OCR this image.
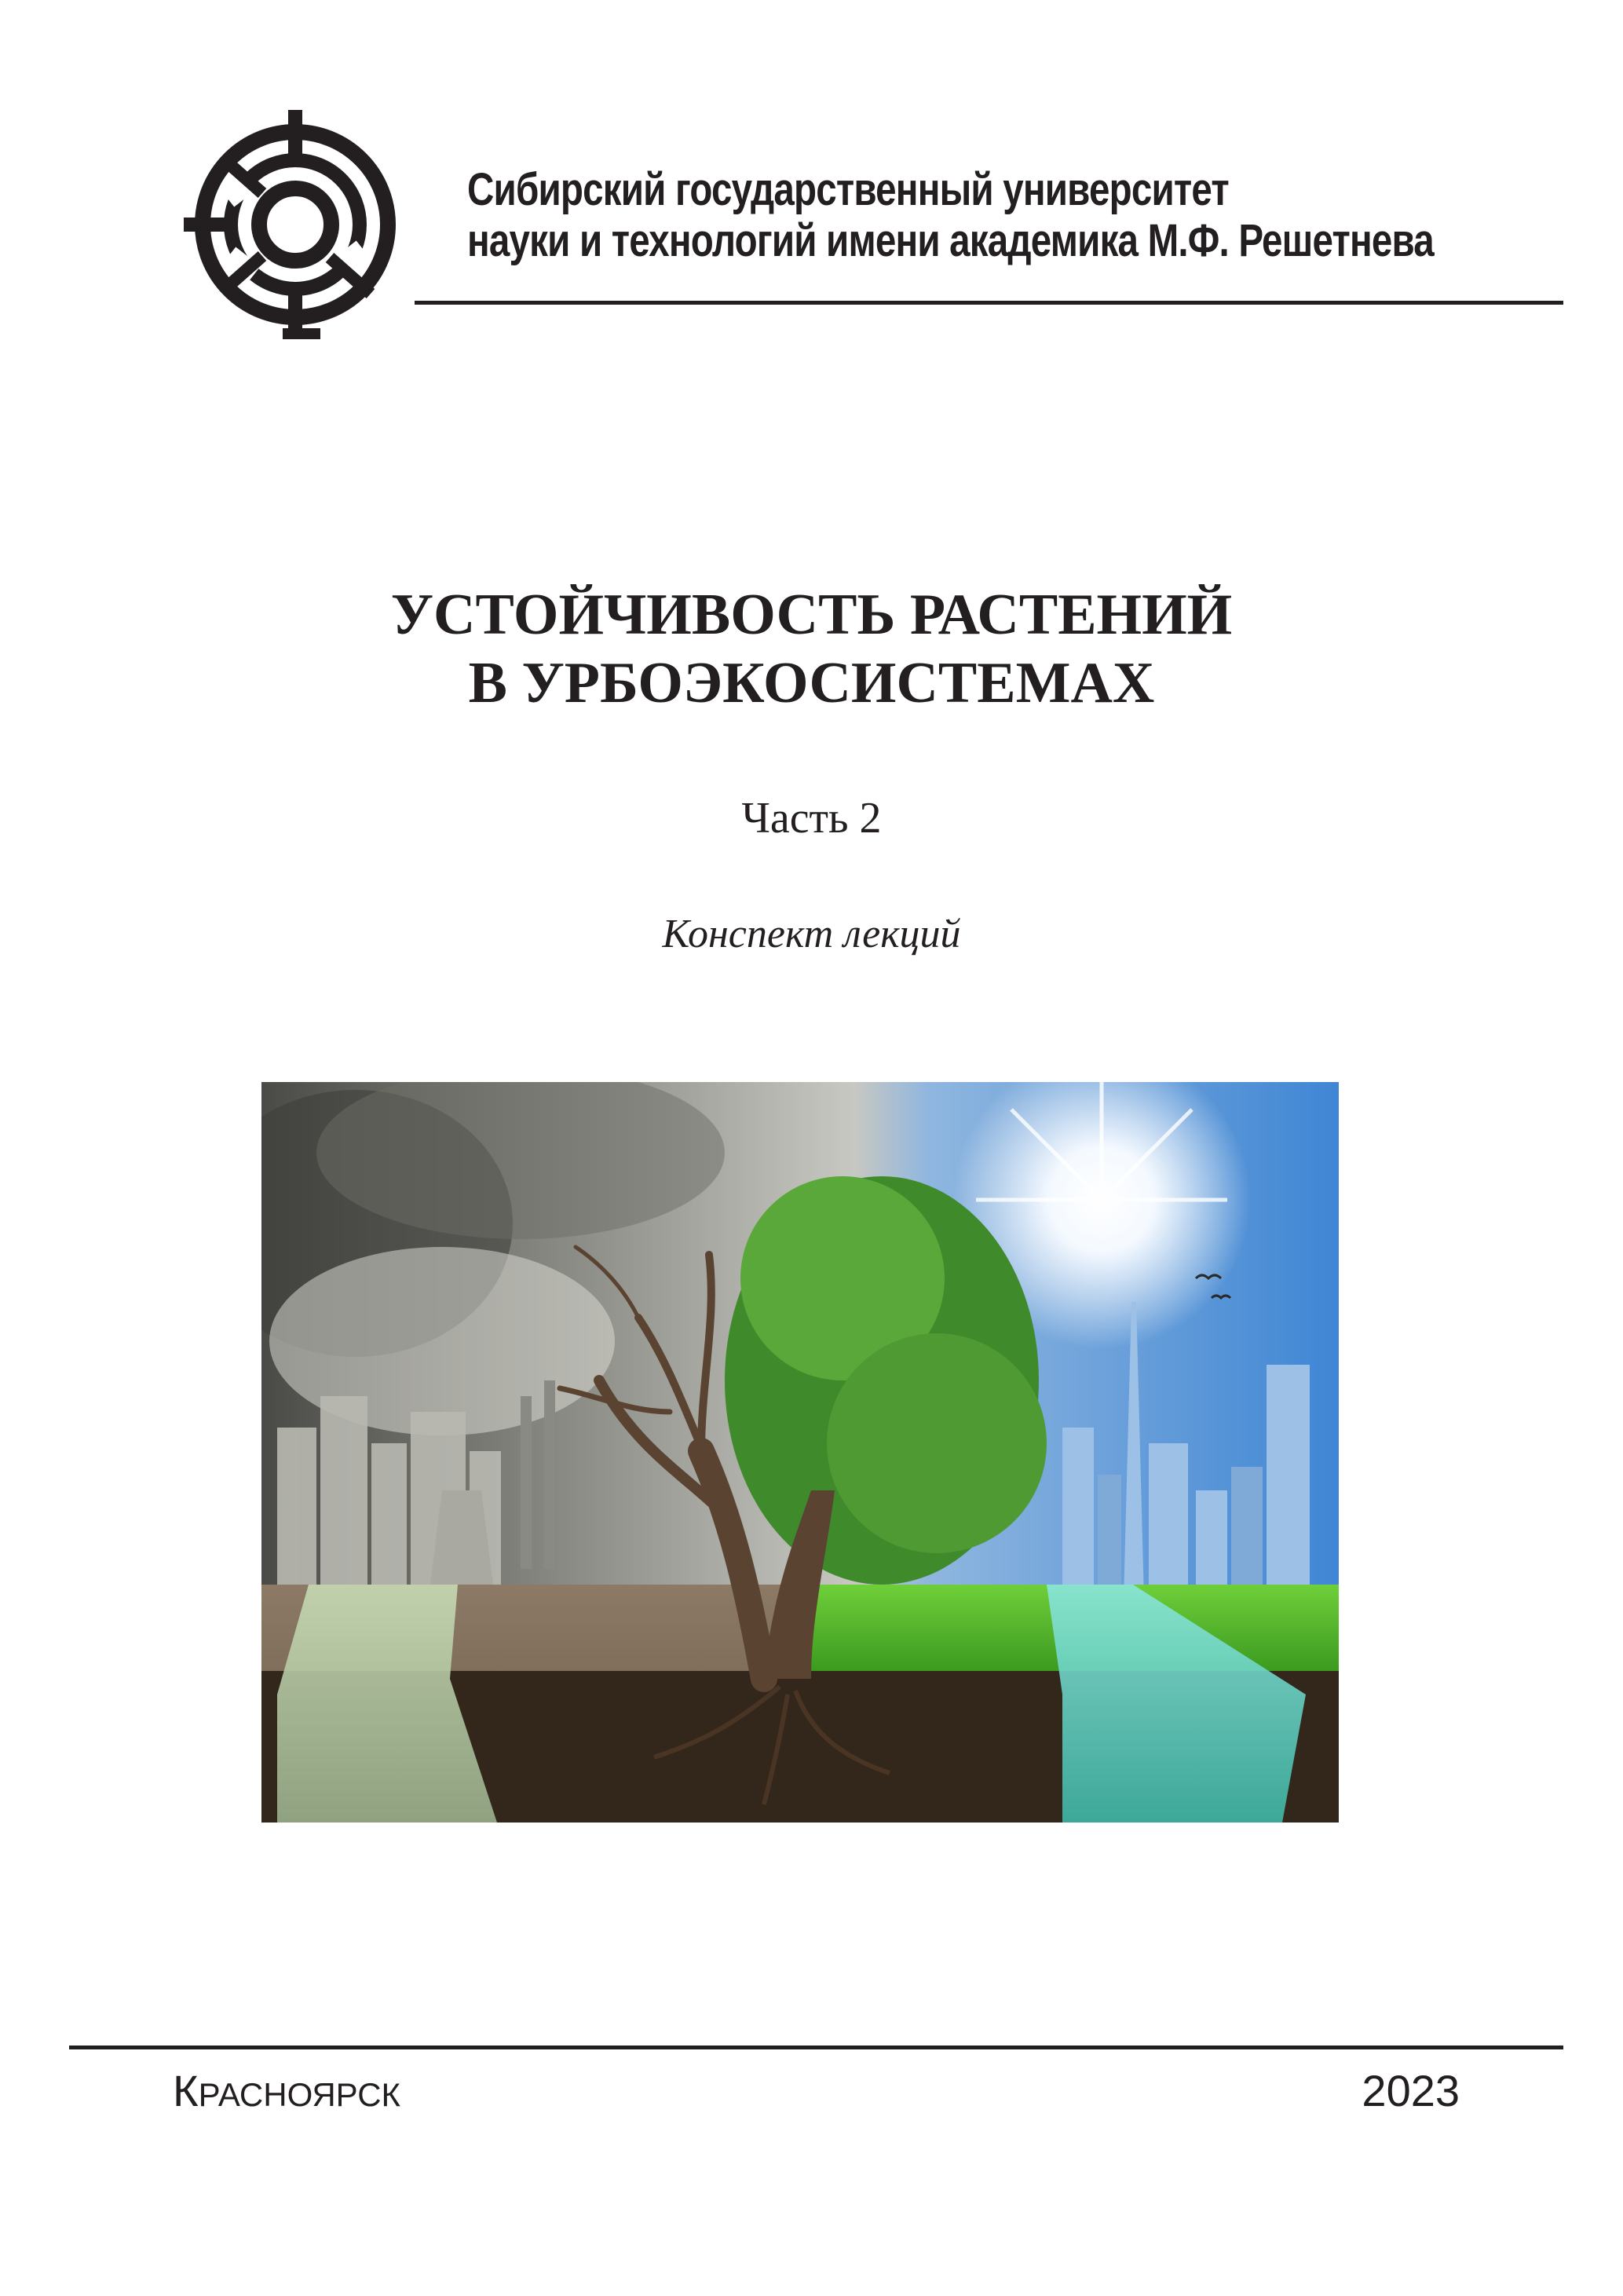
Сибирский государственный университет
науки и технологий имени академика М.Ф. Решетнева
УСТОЙЧИВОСТЬ РАСТЕНИЙ
В УРБОЭКОСИСТЕМАХ
Часть 2
Конспект лекций
КРАСНОЯРСК	2023
